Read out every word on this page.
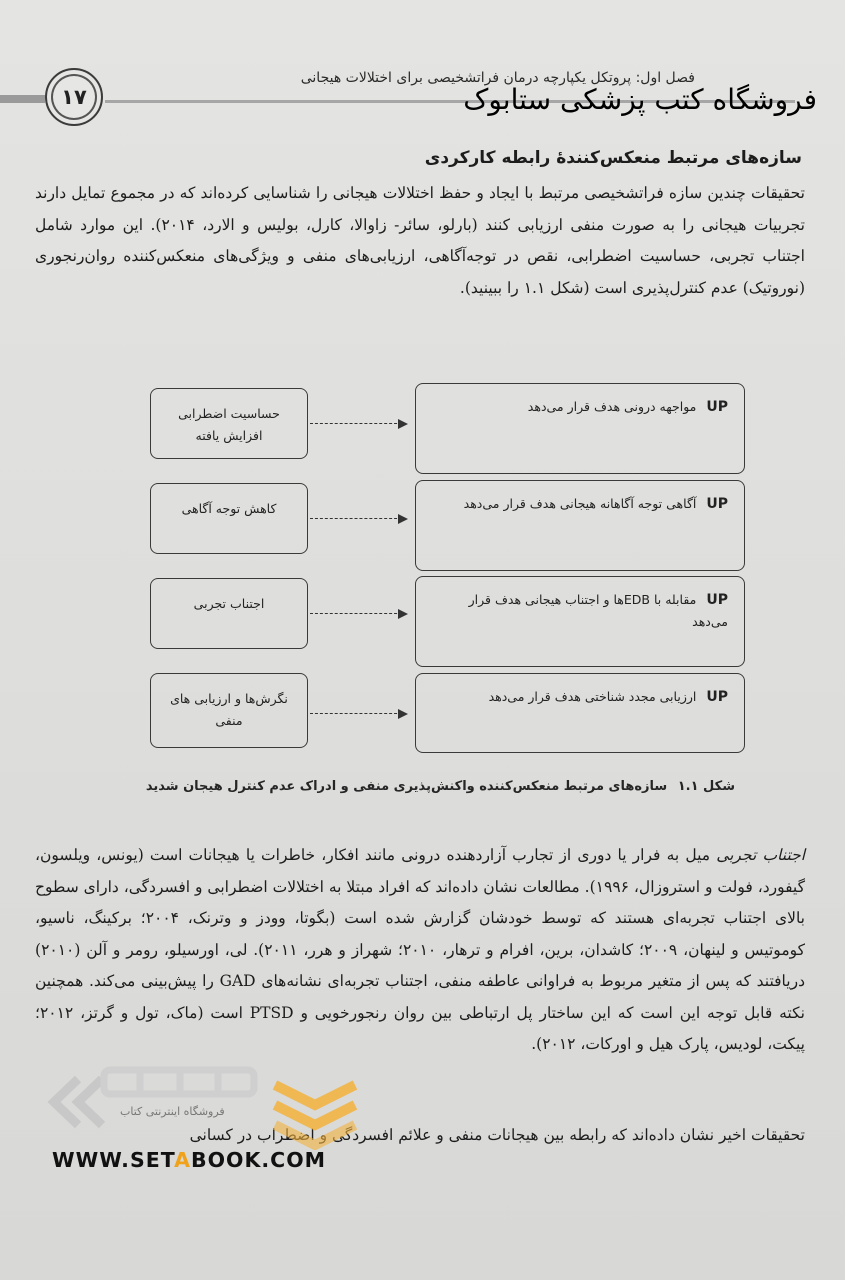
۱۷
فصل اول: پروتکل یکپارچه درمان فراتشخیصی برای اختلالات هیجانی
فروشگاه کتب پزشکی ستابوک
سازه‌های مرتبط منعکس‌کنندهٔ رابطه کارکردی

تحقیقات چندین سازه فراتشخیصی مرتبط با ایجاد و حفظ اختلالات هیجانی را شناسایی کرده‌اند که در مجموع تمایل دارند تجربیات هیجانی را به صورت منفی ارزیابی کنند (بارلو، سائر- زاوالا، کارل، بولیس و الارد، ۲۰۱۴). این موارد شامل اجتناب تجربی، حساسیت اضطرابی، نقص در توجه‌آگاهی، ارزیابی‌های منفی و ویژگی‌های منعکس‌کننده روان‌رنجوری (نوروتیک) عدم کنترل‌پذیری است (شکل ۱.۱ را ببینید).

حساسیت اضطرابی افزایش یافته
UP مواجهه درونی هدف قرار می‌دهد
کاهش توجه آگاهی	UP آگاهی توجه آگاهانه هیجانی هدف قرار می‌دهد
اجتناب تجربی	UP مقابله با EDBها و اجتناب هیجانی هدف قرار می‌دهد
نگرش‌ها و ارزیابی های منفی
UP ارزیابی مجدد شناختی هدف قرار می‌دهد
شکل ۱.۱ سازه‌های مرتبط منعکس‌کننده واکنش‌پذیری منفی و ادراک عدم کنترل هیجان شدید

اجتناب تجربی میل به فرار یا دوری از تجارب آزاردهنده درونی مانند افکار، خاطرات یا هیجانات است (یونس، ویلسون، گیفورد، فولت و استروزال، ۱۹۹۶). مطالعات نشان داده‌اند که افراد مبتلا به اختلالات اضطرابی و افسردگی، دارای سطوح بالای اجتناب تجربه‌ای هستند که توسط خودشان گزارش شده است (بگوتا، وودز و وترنک، ۲۰۰۴؛ برکینگ، ناسیو، کوموتیس و لینهان، ۲۰۰۹؛ کاشدان، برین، افرام و ترهار، ۲۰۱۰؛ شهراز و هرر، ۲۰۱۱). لی، اورسیلو، رومر و آلن (۲۰۱۰) دریافتند که پس از متغیر مربوط به فراوانی عاطفه منفی، اجتناب تجربه‌ای نشانه‌های GAD را پیش‌بینی می‌کند. همچنین نکته قابل توجه این است که این ساختار پل ارتباطی بین روان رنجورخویی و PTSD است (ماک، تول و گرتز، ۲۰۱۲؛ پیکت، لودیس، پارک هیل و اورکات، ۲۰۱۲).

تحقیقات اخیر نشان داده‌اند که رابطه بین هیجانات منفی و علائم افسردگی و اضطراب در کسانی

فروشگاه اینترنتی کتاب
WWW.SETABOOK.COM
